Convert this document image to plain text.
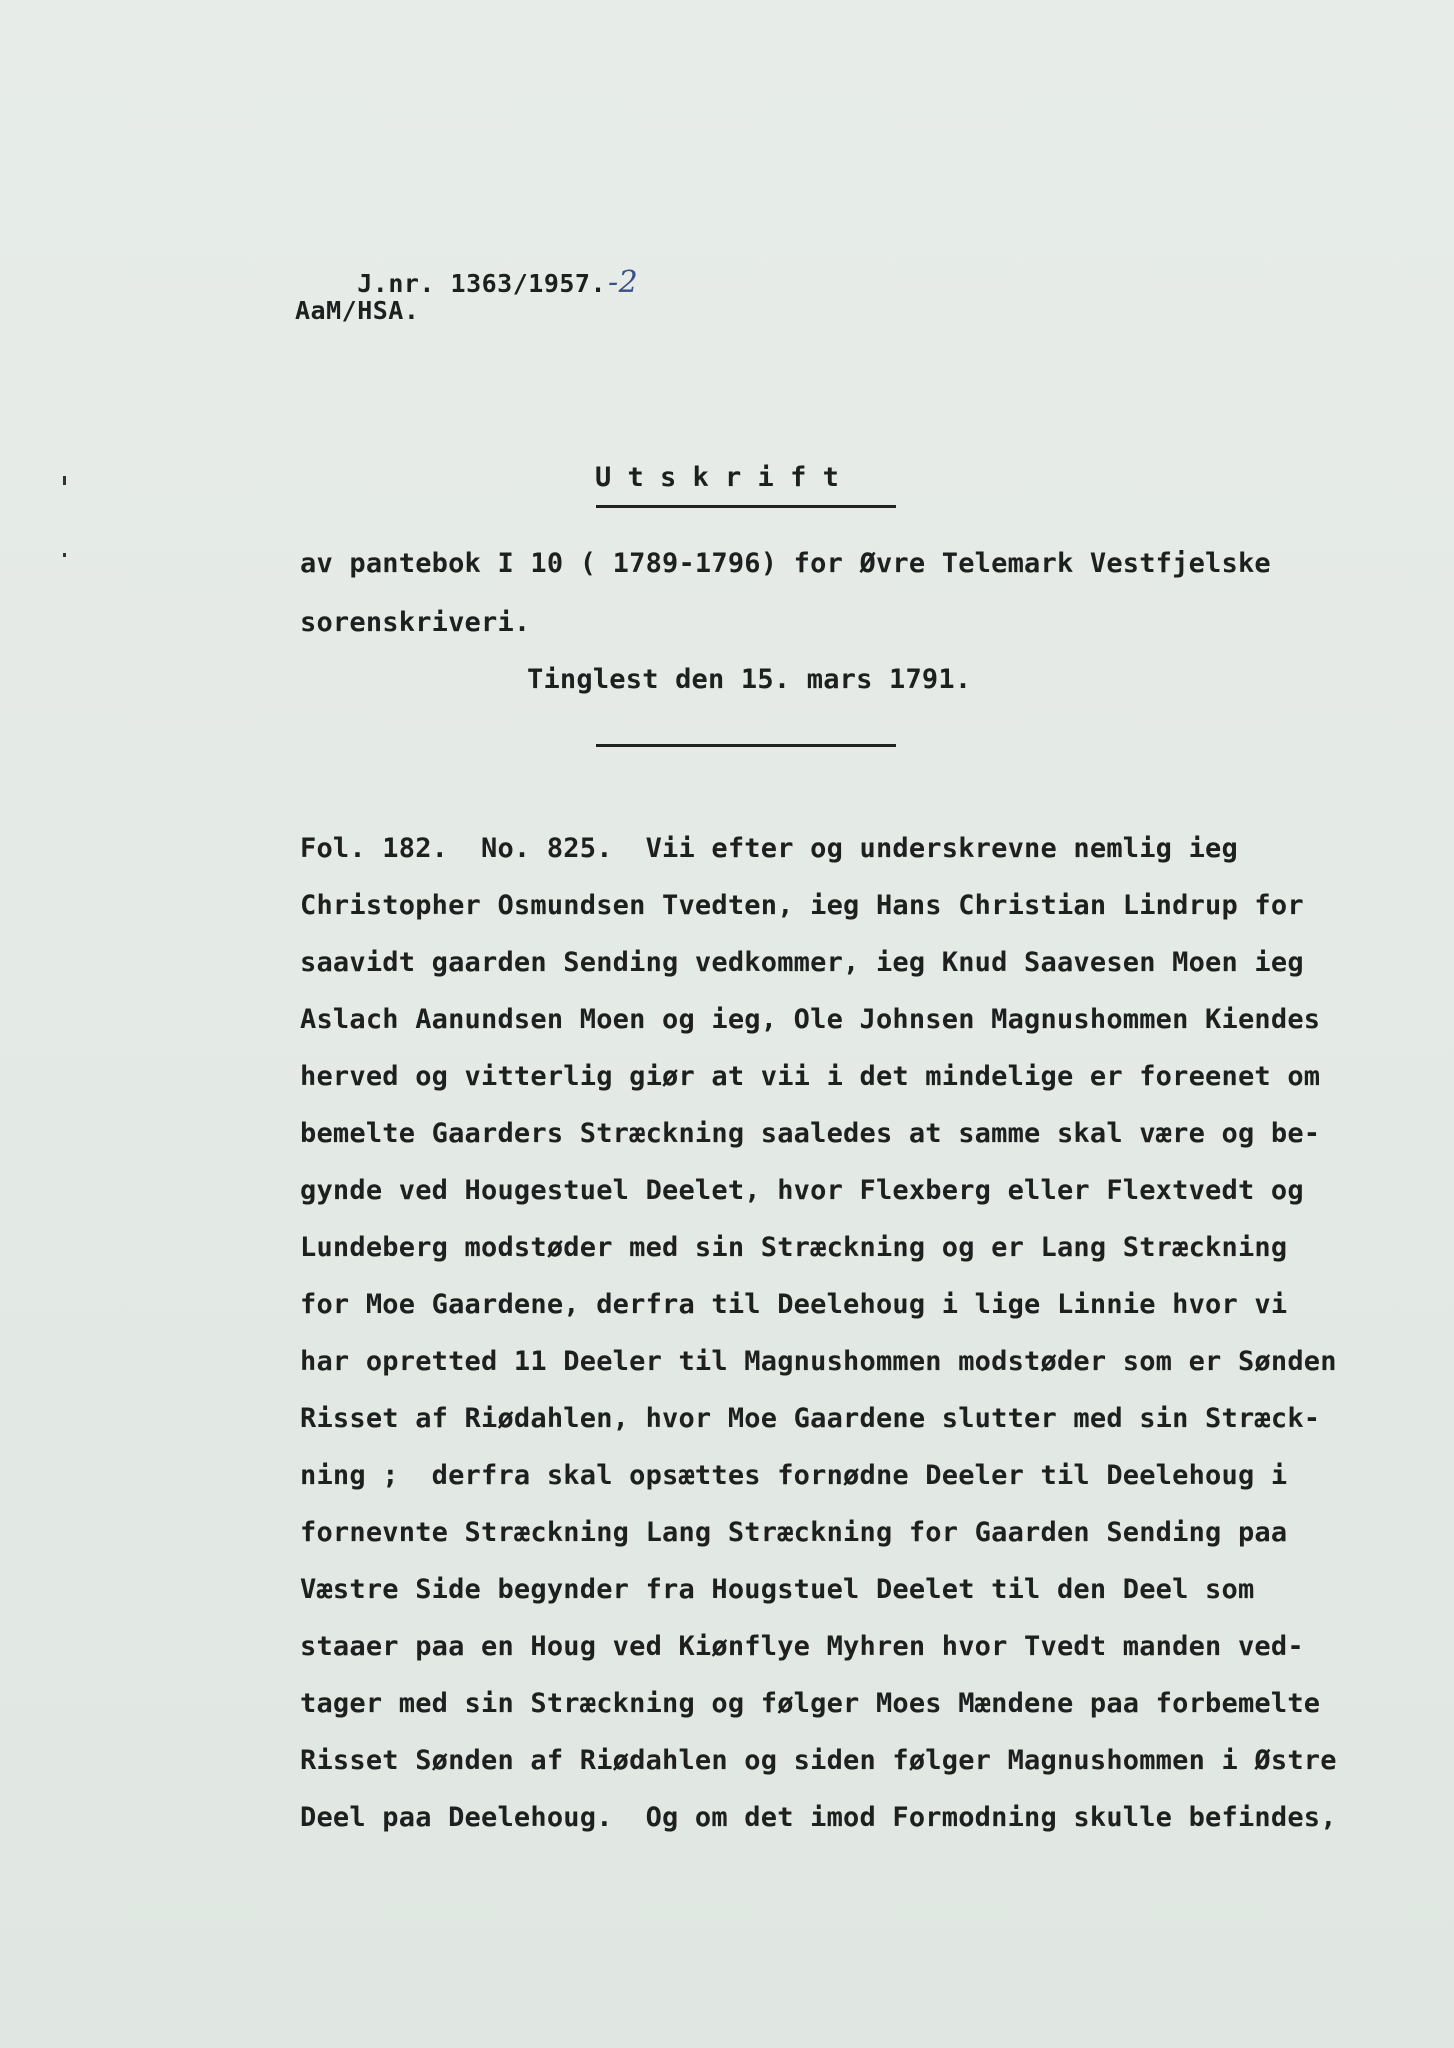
J.nr. 1363/1957.-2

AaM/HSA.
U t s k r i f t
av pantebok I 10 ( 1789-1796) for Øvre Telemark Vestfjelske
sorenskriveri.
Tinglest den 15. mars 1791.
Fol. 182.  No. 825.  Vii efter og underskrevne nemlig ieg
Christopher Osmundsen Tvedten, ieg Hans Christian Lindrup for
saavidt gaarden Sending vedkommer, ieg Knud Saavesen Moen ieg
Aslach Aanundsen Moen og ieg, Ole Johnsen Magnushommen Kiendes
herved og vitterlig giør at vii i det mindelige er foreenet om
bemelte Gaarders Stræckning saaledes at samme skal være og be-
gynde ved Hougestuel Deelet, hvor Flexberg eller Flextvedt og
Lundeberg modstøder med sin Stræckning og er Lang Stræckning
for Moe Gaardene, derfra til Deelehoug i lige Linnie hvor vi
har opretted 11 Deeler til Magnushommen modstøder som er Sønden
Risset af Riødahlen, hvor Moe Gaardene slutter med sin Stræck-
ning ;  derfra skal opsættes fornødne Deeler til Deelehoug i
fornevnte Stræckning Lang Stræckning for Gaarden Sending paa
Væstre Side begynder fra Hougstuel Deelet til den Deel som
staaer paa en Houg ved Kiønflye Myhren hvor Tvedt manden ved-
tager med sin Stræckning og følger Moes Mændene paa forbemelte
Risset Sønden af Riødahlen og siden følger Magnushommen i Østre
Deel paa Deelehoug.  Og om det imod Formodning skulle befindes,
